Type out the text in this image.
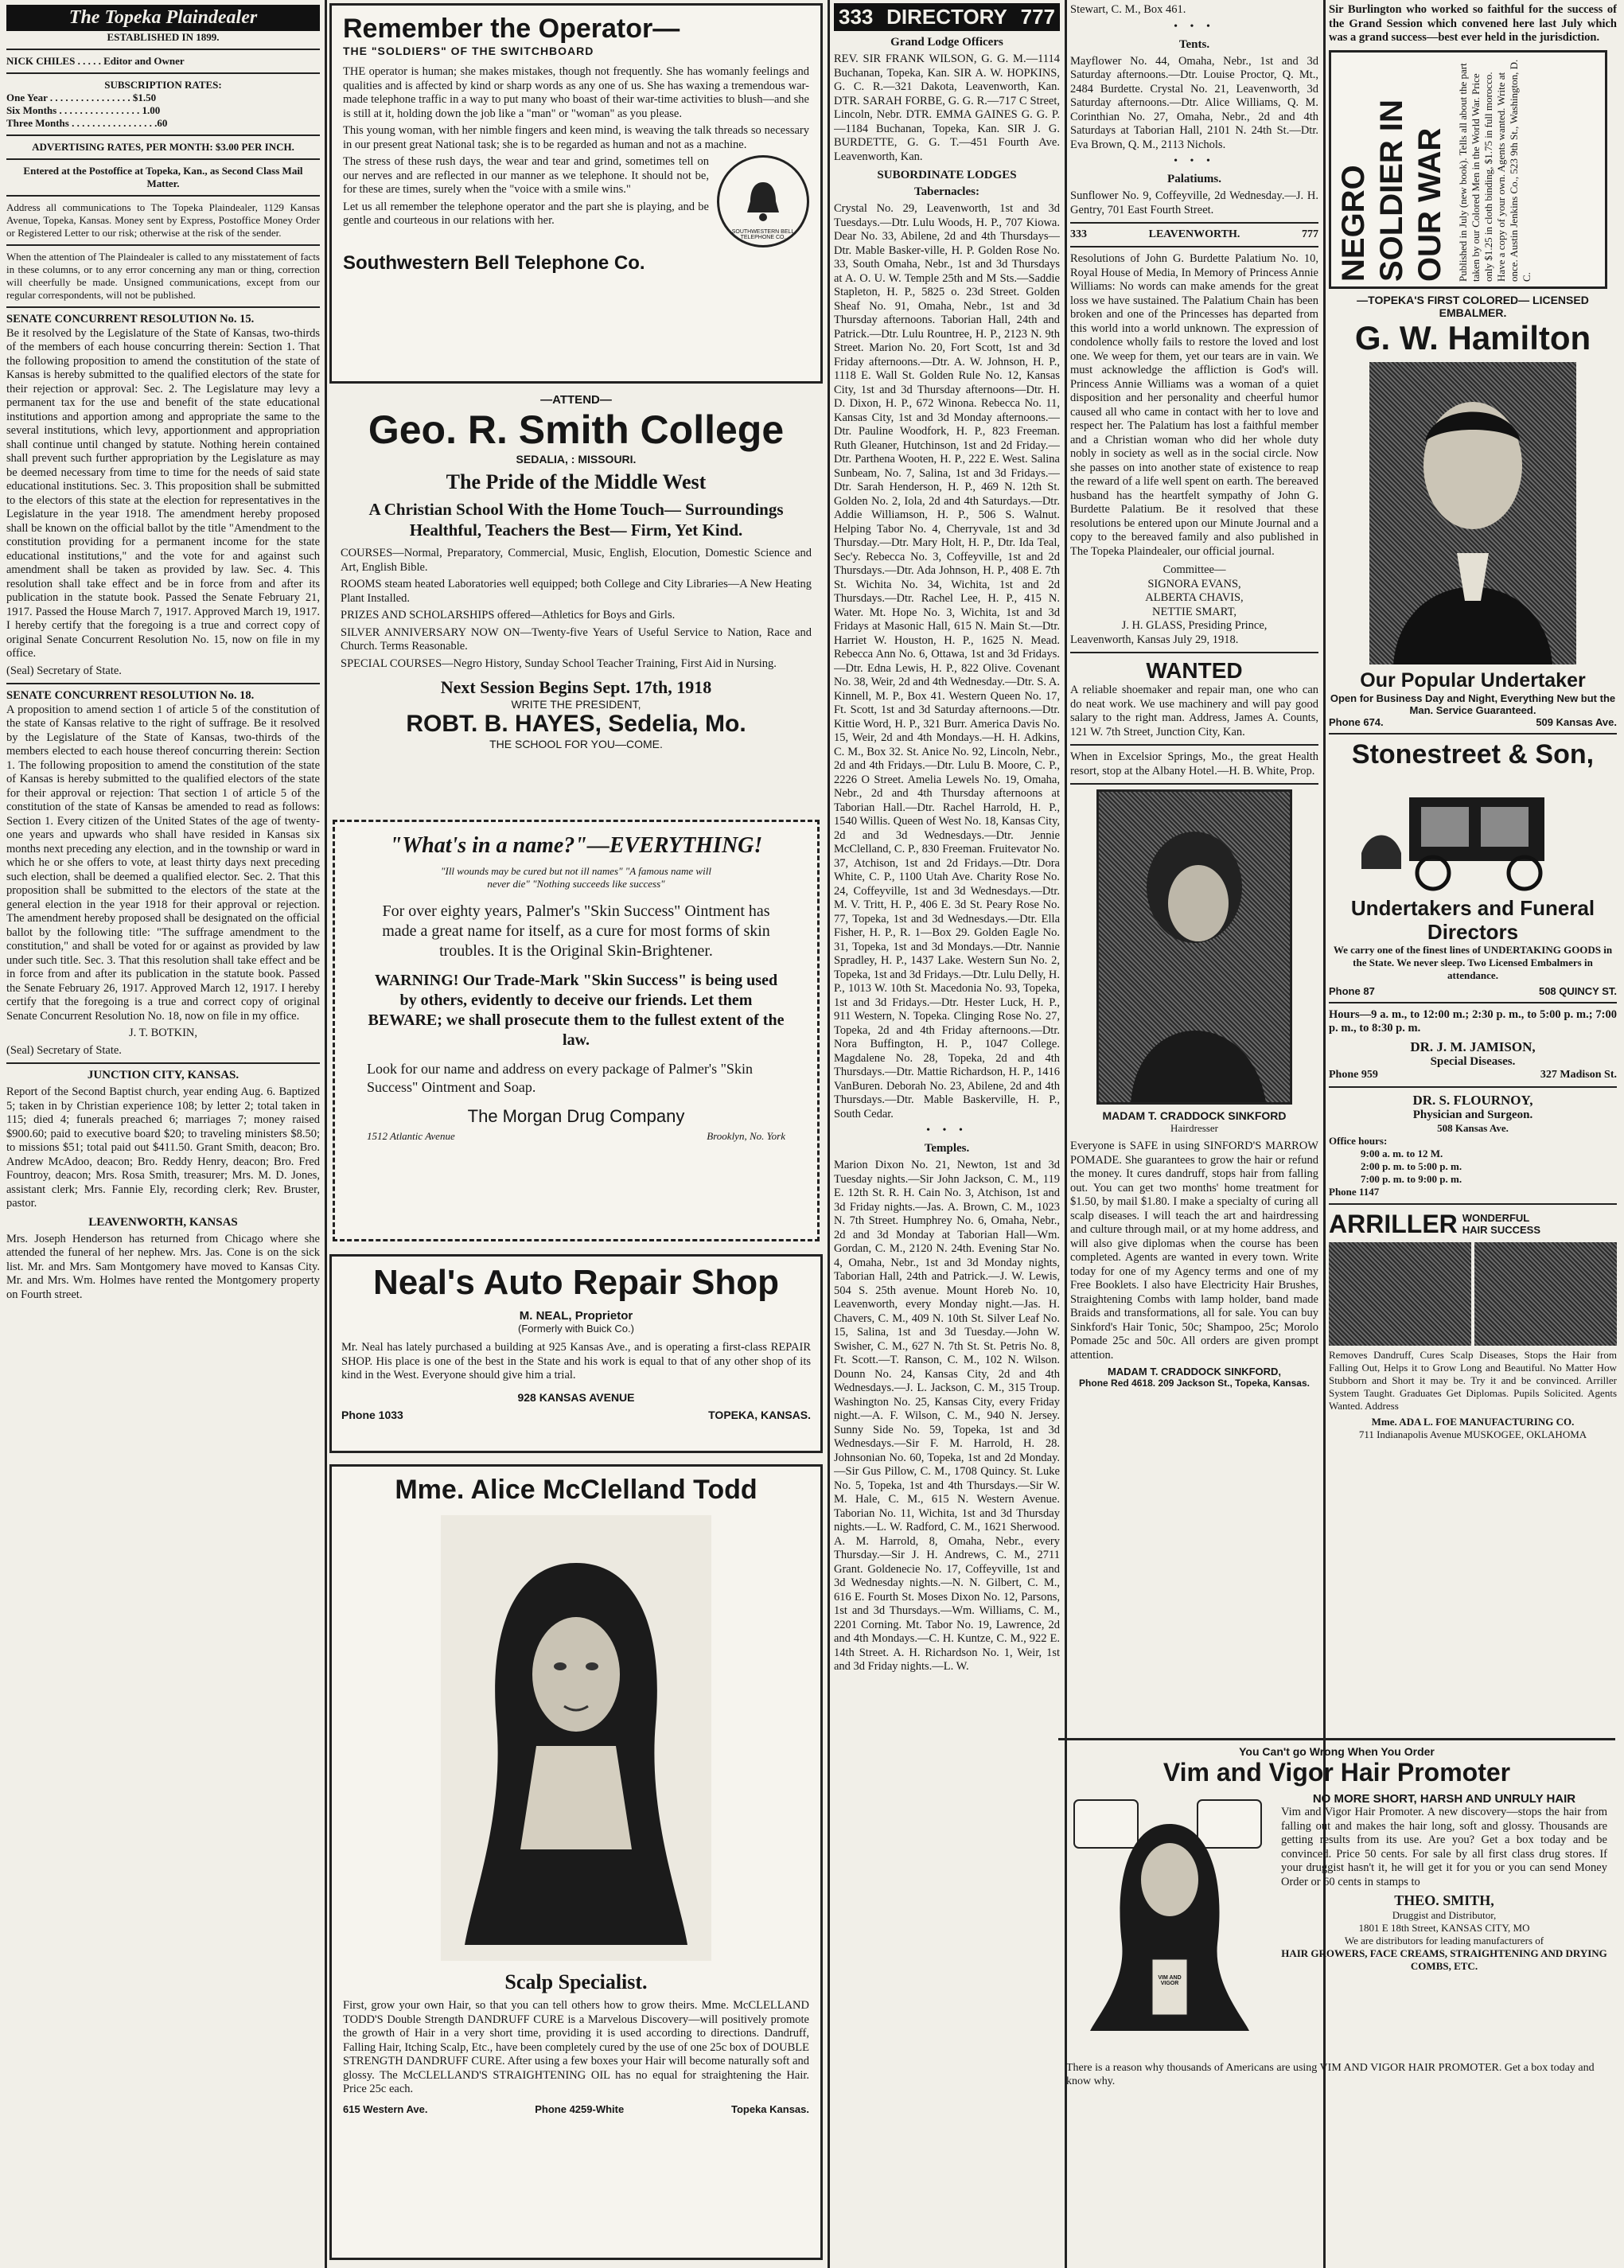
The Topeka Plaindealer
ESTABLISHED IN 1899.
NICK CHILES . . . . . Editor and Owner
SUBSCRIPTION RATES:
One Year . . . . . . . . . . . . . . . . $1.50
Six Months . . . . . . . . . . . . . . . . 1.00
Three Months . . . . . . . . . . . . . . . . .60
ADVERTISING RATES, PER MONTH: $3.00 PER INCH.

Entered at the Postoffice at Topeka, Kan., as Second Class Mail Matter.

Address all communications to The Topeka Plaindealer, 1129 Kansas Avenue, Topeka, Kansas. Money sent by Express, Postoffice Money Order or Registered Letter to our risk; otherwise at the risk of the sender.

When the attention of The Plaindealer is called to any misstatement of facts in these columns, or to any error concerning any man or thing, correction will cheerfully be made. Unsigned communications, except from our regular correspondents, will not be published.

SENATE CONCURRENT RESOLUTION No. 15.

Be it resolved by the Legislature of the State of Kansas, two-thirds of the members of each house concurring therein: Section 1. That the following proposition to amend the constitution of the state of Kansas is hereby submitted to the qualified electors of the state for their rejection or approval: Sec. 2. The Legislature may levy a permanent tax for the use and benefit of the state educational institutions and apportion among and appropriate the same to the several institutions, which levy, apportionment and appropriation shall continue until changed by statute. Nothing herein contained shall prevent such further appropriation by the Legislature as may be deemed necessary from time to time for the needs of said state educational institutions. Sec. 3. This proposition shall be submitted to the electors of this state at the election for representatives in the Legislature in the year 1918. The amendment hereby proposed shall be known on the official ballot by the title "Amendment to the constitution providing for a permanent income for the state educational institutions," and the vote for and against such amendment shall be taken as provided by law. Sec. 4. This resolution shall take effect and be in force from and after its publication in the statute book. Passed the Senate February 21, 1917. Passed the House March 7, 1917. Approved March 19, 1917. I hereby certify that the foregoing is a true and correct copy of original Senate Concurrent Resolution No. 15, now on file in my office.

(Seal) Secretary of State.

SENATE CONCURRENT RESOLUTION No. 18.

A proposition to amend section 1 of article 5 of the constitution of the state of Kansas relative to the right of suffrage. Be it resolved by the Legislature of the State of Kansas, two-thirds of the members elected to each house thereof concurring therein: Section 1. The following proposition to amend the constitution of the state of Kansas is hereby submitted to the qualified electors of the state for their approval or rejection: That section 1 of article 5 of the constitution of the state of Kansas be amended to read as follows: Section 1. Every citizen of the United States of the age of twenty-one years and upwards who shall have resided in Kansas six months next preceding any election, and in the township or ward in which he or she offers to vote, at least thirty days next preceding such election, shall be deemed a qualified elector. Sec. 2. That this proposition shall be submitted to the electors of the state at the general election in the year 1918 for their approval or rejection. The amendment hereby proposed shall be designated on the official ballot by the following title: "The suffrage amendment to the constitution," and shall be voted for or against as provided by law under such title. Sec. 3. That this resolution shall take effect and be in force from and after its publication in the statute book. Passed the Senate February 26, 1917. Approved March 12, 1917. I hereby certify that the foregoing is a true and correct copy of original Senate Concurrent Resolution No. 18, now on file in my office.

J. T. BOTKIN,

(Seal) Secretary of State.

JUNCTION CITY, KANSAS.

Report of the Second Baptist church, year ending Aug. 6. Baptized 5; taken in by Christian experience 108; by letter 2; total taken in 115; died 4; funerals preached 6; marriages 7; money raised $900.60; paid to executive board $20; to traveling ministers $8.50; to missions $51; total paid out $411.50. Grant Smith, deacon; Bro. Andrew McAdoo, deacon; Bro. Reddy Henry, deacon; Bro. Fred Fountroy, deacon; Mrs. Rosa Smith, treasurer; Mrs. M. D. Jones, assistant clerk; Mrs. Fannie Ely, recording clerk; Rev. Bruster, pastor.

LEAVENWORTH, KANSAS

Mrs. Joseph Henderson has returned from Chicago where she attended the funeral of her nephew. Mrs. Jas. Cone is on the sick list. Mr. and Mrs. Sam Montgomery have moved to Kansas City. Mr. and Mrs. Wm. Holmes have rented the Montgomery property on Fourth street.

Remember the Operator—
THE "SOLDIERS" OF THE SWITCHBOARD

THE operator is human; she makes mistakes, though not frequently. She has womanly feelings and qualities and is affected by kind or sharp words as any one of us. She has waxing a tremendous war-made telephone traffic in a way to put many who boast of their war-time activities to blush—and she is still at it, holding down the job like a "man" or "woman" as you please.

This young woman, with her nimble fingers and keen mind, is weaving the talk threads so necessary in our present great National task; she is to be regarded as human and not as a machine.

The stress of these rush days, the wear and tear and grind, sometimes tell on our nerves and are reflected in our manner as we telephone. It should not be, for these are times, surely when the "voice with a smile wins."

Let us all remember the telephone operator and the part she is playing, and be gentle and courteous in our relations with her.

SOUTHWESTERN BELL TELEPHONE CO.
Southwestern Bell Telephone Co.
—ATTEND—
Geo. R. Smith College
SEDALIA, : MISSOURI.
The Pride of the Middle West
A Christian School With the Home Touch— Surroundings Healthful, Teachers the Best— Firm, Yet Kind.

COURSES—Normal, Preparatory, Commercial, Music, English, Elocution, Domestic Science and Art, English Bible.

ROOMS steam heated Laboratories well equipped; both College and City Libraries—A New Heating Plant Installed.

PRIZES AND SCHOLARSHIPS offered—Athletics for Boys and Girls.

SILVER ANNIVERSARY NOW ON—Twenty-five Years of Useful Service to Nation, Race and Church. Terms Reasonable.

SPECIAL COURSES—Negro History, Sunday School Teacher Training, First Aid in Nursing.

Next Session Begins Sept. 17th, 1918
WRITE THE PRESIDENT,
ROBT. B. HAYES, Sedelia, Mo.
THE SCHOOL FOR YOU—COME.
"What's in a name?"—EVERYTHING!
"Ill wounds may be cured but not ill names" "A famous name will never die" "Nothing succeeds like success"

For over eighty years, Palmer's "Skin Success" Ointment has made a great name for itself, as a cure for most forms of skin troubles. It is the Original Skin-Brightener.

WARNING! Our Trade-Mark "Skin Success" is being used by others, evidently to deceive our friends. Let them BEWARE; we shall prosecute them to the fullest extent of the law.

Look for our name and address on every package of Palmer's "Skin Success" Ointment and Soap.

The Morgan Drug Company
1512 Atlantic Avenue	Brooklyn, No. York
Neal's Auto Repair Shop
M. NEAL, Proprietor
(Formerly with Buick Co.)

Mr. Neal has lately purchased a building at 925 Kansas Ave., and is operating a first-class REPAIR SHOP. His place is one of the best in the State and his work is equal to that of any other shop of its kind in the West. Everyone should give him a trial.

928 KANSAS AVENUE
Phone 1033	TOPEKA, KANSAS.
Mme. Alice McClelland Todd
Scalp Specialist.

First, grow your own Hair, so that you can tell others how to grow theirs. Mme. McCLELLAND TODD'S Double Strength DANDRUFF CURE is a Marvelous Discovery—will positively promote the growth of Hair in a very short time, providing it is used according to directions. Dandruff, Falling Hair, Itching Scalp, Etc., have been completely cured by the use of one 25c box of DOUBLE STRENGTH DANDRUFF CURE. After using a few boxes your Hair will become naturally soft and glossy. The McCLELLAND'S STRAIGHTENING OIL has no equal for straightening the Hair. Price 25c each.

615 Western Ave.	Phone 4259-White	Topeka Kansas.
333 DIRECTORY 777
Grand Lodge Officers

REV. SIR FRANK WILSON, G. G. M.—1114 Buchanan, Topeka, Kan. SIR A. W. HOPKINS, G. C. R.—321 Dakota, Leavenworth, Kan. DTR. SARAH FORBE, G. G. R.—717 C Street, Lincoln, Nebr. DTR. EMMA GAINES G. G. P.—1184 Buchanan, Topeka, Kan. SIR J. G. BURDETTE, G. G. T.—451 Fourth Ave. Leavenworth, Kan.

SUBORDINATE LODGES
Tabernacles:

Crystal No. 29, Leavenworth, 1st and 3d Tuesdays.—Dtr. Lulu Woods, H. P., 707 Kiowa. Dear No. 33, Abilene, 2d and 4th Thursdays—Dtr. Mable Basker-ville, H. P. Golden Rose No. 33, South Omaha, Nebr., 1st and 3d Thursdays at A. O. U. W. Temple 25th and M Sts.—Saddie Stapleton, H. P., 5825 o. 23d Street. Golden Sheaf No. 91, Omaha, Nebr., 1st and 3d Thursday afternoons. Taborian Hall, 24th and Patrick.—Dtr. Lulu Rountree, H. P., 2123 N. 9th Street. Marion No. 20, Fort Scott, 1st and 3d Friday afternoons.—Dtr. A. W. Johnson, H. P., 1118 E. Wall St. Golden Rule No. 12, Kansas City, 1st and 3d Thursday afternoons—Dtr. H. D. Dixon, H. P., 672 Winona. Rebecca No. 11, Kansas City, 1st and 3d Monday afternoons.—Dtr. Pauline Woodfork, H. P., 823 Freeman. Ruth Gleaner, Hutchinson, 1st and 2d Friday.—Dtr. Parthena Wooten, H. P., 222 E. West. Salina Sunbeam, No. 7, Salina, 1st and 3d Fridays.—Dtr. Sarah Henderson, H. P., 469 N. 12th St. Golden No. 2, Iola, 2d and 4th Saturdays.—Dtr. Addie Williamson, H. P., 506 S. Walnut. Helping Tabor No. 4, Cherryvale, 1st and 3d Thursday.—Dtr. Mary Holt, H. P., Dtr. Ida Teal, Sec'y. Rebecca No. 3, Coffeyville, 1st and 2d Thursdays.—Dtr. Ada Johnson, H. P., 408 E. 7th St. Wichita No. 34, Wichita, 1st and 2d Thursdays.—Dtr. Rachel Lee, H. P., 415 N. Water. Mt. Hope No. 3, Wichita, 1st and 3d Fridays at Masonic Hall, 615 N. Main St.—Dtr. Harriet W. Houston, H. P., 1625 N. Mead. Rebecca Ann No. 6, Ottawa, 1st and 3d Fridays.—Dtr. Edna Lewis, H. P., 822 Olive. Covenant No. 38, Weir, 2d and 4th Wednesday.—Dtr. S. A. Kinnell, M. P., Box 41. Western Queen No. 17, Ft. Scott, 1st and 3d Saturday afternoons.—Dtr. Kittie Word, H. P., 321 Burr. America Davis No. 15, Weir, 2d and 4th Mondays.—H. H. Adkins, C. M., Box 32. St. Anice No. 92, Lincoln, Nebr., 2d and 4th Fridays.—Dtr. Lulu B. Moore, C. P., 2226 O Street. Amelia Lewels No. 19, Omaha, Nebr., 2d and 4th Thursday afternoons at Taborian Hall.—Dtr. Rachel Harrold, H. P., 1540 Willis. Queen of West No. 18, Kansas City, 2d and 3d Wednesdays.—Dtr. Jennie McClelland, C. P., 830 Freeman. Fruitevator No. 37, Atchison, 1st and 2d Fridays.—Dtr. Dora White, C. P., 1100 Utah Ave. Charity Rose No. 24, Coffeyville, 1st and 3d Wednesdays.—Dtr. M. V. Tritt, H. P., 406 E. 3d St. Peary Rose No. 77, Topeka, 1st and 3d Wednesdays.—Dtr. Ella Fisher, H. P., R. 1—Box 29. Golden Eagle No. 31, Topeka, 1st and 3d Mondays.—Dtr. Nannie Spradley, H. P., 1437 Lake. Western Sun No. 2, Topeka, 1st and 3d Fridays.—Dtr. Lulu Delly, H. P., 1013 W. 10th St. Macedonia No. 93, Topeka, 1st and 3d Fridays.—Dtr. Hester Luck, H. P., 911 Western, N. Topeka. Clinging Rose No. 27, Topeka, 2d and 4th Friday afternoons.—Dtr. Nora Buffington, H. P., 1047 College. Magdalene No. 28, Topeka, 2d and 4th Thursdays.—Dtr. Mattie Richardson, H. P., 1416 VanBuren. Deborah No. 23, Abilene, 2d and 4th Thursdays.—Dtr. Mable Baskerville, H. P., South Cedar.

• • •
Temples.

Marion Dixon No. 21, Newton, 1st and 3d Tuesday nights.—Sir John Jackson, C. M., 119 E. 12th St. R. H. Cain No. 3, Atchison, 1st and 3d Friday nights.—Jas. A. Brown, C. M., 1023 N. 7th Street. Humphrey No. 6, Omaha, Nebr., 2d and 3d Monday at Taborian Hall—Wm. Gordan, C. M., 2120 N. 24th. Evening Star No. 4, Omaha, Nebr., 1st and 3d Monday nights, Taborian Hall, 24th and Patrick.—J. W. Lewis, 504 S. 25th avenue. Mount Horeb No. 10, Leavenworth, every Monday night.—Jas. H. Chavers, C. M., 409 N. 10th St. Silver Leaf No. 15, Salina, 1st and 3d Tuesday.—John W. Swisher, C. M., 627 N. 7th St. St. Petris No. 8, Ft. Scott.—T. Ranson, C. M., 102 N. Wilson. Dounn No. 24, Kansas City, 2d and 4th Wednesdays.—J. L. Jackson, C. M., 315 Troup. Washington No. 25, Kansas City, every Friday night.—A. F. Wilson, C. M., 940 N. Jersey. Sunny Side No. 59, Topeka, 1st and 3d Wednesdays.—Sir F. M. Harrold, H. 28. Johnsonian No. 60, Topeka, 1st and 2d Monday.—Sir Gus Pillow, C. M., 1708 Quincy. St. Luke No. 5, Topeka, 1st and 4th Thursdays.—Sir W. M. Hale, C. M., 615 N. Western Avenue. Taborian No. 11, Wichita, 1st and 3d Thursday nights.—L. W. Radford, C. M., 1621 Sherwood. A. M. Harrold, 8, Omaha, Nebr., every Thursday.—Sir J. H. Andrews, C. M., 2711 Grant. Goldenecie No. 17, Coffeyville, 1st and 3d Wednesday nights.—N. N. Gilbert, C. M., 616 E. Fourth St. Moses Dixon No. 12, Parsons, 1st and 3d Thursdays.—Wm. Williams, C. M., 2201 Corning. Mt. Tabor No. 19, Lawrence, 2d and 4th Mondays.—C. H. Kuntze, C. M., 922 E. 14th Street. A. H. Richardson No. 1, Weir, 1st and 3d Friday nights.—L. W.

Stewart, C. M., Box 461.

• • •
Tents.

Mayflower No. 44, Omaha, Nebr., 1st and 3d Saturday afternoons.—Dtr. Louise Proctor, Q. Mt., 2484 Burdette. Crystal No. 21, Leavenworth, 3d Saturday afternoons.—Dtr. Alice Williams, Q. M. Corinthian No. 27, Omaha, Nebr., 2d and 4th Saturdays at Taborian Hall, 2101 N. 24th St.—Dtr. Eva Brown, Q. M., 2113 Nichols.

• • •
Palatiums.

Sunflower No. 9, Coffeyville, 2d Wednesday.—J. H. Gentry, 701 East Fourth Street.

333	LEAVENWORTH.	777

Resolutions of John G. Burdette Palatium No. 10, Royal House of Media, In Memory of Princess Annie Williams: No words can make amends for the great loss we have sustained. The Palatium Chain has been broken and one of the Princesses has departed from this world into a world unknown. The expression of condolence wholly fails to restore the loved and lost one. We weep for them, yet our tears are in vain. We must acknowledge the affliction is God's will. Princess Annie Williams was a woman of a quiet disposition and her personality and cheerful humor caused all who came in contact with her to love and respect her. The Palatium has lost a faithful member and a Christian woman who did her whole duty nobly in society as well as in the social circle. Now she passes on into another state of existence to reap the reward of a life well spent on earth. The bereaved husband has the heartfelt sympathy of John G. Burdette Palatium. Be it resolved that these resolutions be entered upon our Minute Journal and a copy to the bereaved family and also published in The Topeka Plaindealer, our official journal.

Committee—
SIGNORA EVANS,
ALBERTA CHAVIS,
NETTIE SMART,
J. H. GLASS, Presiding Prince,
Leavenworth, Kansas July 29, 1918.
WANTED

A reliable shoemaker and repair man, one who can do neat work. We use machinery and will pay good salary to the right man. Address, James A. Counts, 121 W. 7th Street, Junction City, Kan.

When in Excelsior Springs, Mo., the great Health resort, stop at the Albany Hotel.—H. B. White, Prop.

MADAM T. CRADDOCK SINKFORD
Hairdresser

Everyone is SAFE in using SINFORD'S MARROW POMADE. She guarantees to grow the hair or refund the money. It cures dandruff, stops hair from falling out. You can get two months' home treatment for $1.50, by mail $1.80. I make a specialty of curing all scalp diseases. I will teach the art and hairdressing and culture through mail, or at my home address, and will also give diplomas when the course has been completed. Agents are wanted in every town. Write today for one of my Agency terms and one of my Free Booklets. I also have Electricity Hair Brushes, Straightening Combs with lamp holder, band made Braids and transformations, all for sale. You can buy Sinkford's Hair Tonic, 50c; Shampoo, 25c; Morolo Pomade 25c and 50c. All orders are given prompt attention.

MADAM T. CRADDOCK SINKFORD,
Phone Red 4618. 209 Jackson St., Topeka, Kansas.

Sir Burlington who worked so faithful for the success of the Grand Session which convened here last July which was a grand success—best ever held in the jurisdiction.

NEGRO SOLDIER IN OUR WAR Published in July (new book). Tells all about the part taken by our Colored Men in the World War. Price only $1.25 in cloth binding, $1.75 in full morocco. Have a copy of your own. Agents wanted. Write at once. Austin Jenkins Co., 523 9th St., Washington, D. C.
—TOPEKA'S FIRST COLORED— LICENSED EMBALMER.
G. W. Hamilton
Our Popular Undertaker
Open for Business Day and Night, Everything New but the Man. Service Guaranteed.
Phone 674.	509 Kansas Ave.
Stonestreet & Son,
Undertakers and Funeral Directors

We carry one of the finest lines of UNDERTAKING GOODS in the State. We never sleep. Two Licensed Embalmers in attendance.

Phone 87	508 QUINCY ST.

Hours—9 a. m., to 12:00 m.; 2:30 p. m., to 5:00 p. m.; 7:00 p. m., to 8:30 p. m.

DR. J. M. JAMISON,
Special Diseases.
Phone 959	327 Madison St.
DR. S. FLOURNOY,
Physician and Surgeon.
508 Kansas Ave.
Office hours:
9:00 a. m. to 12 M.
2:00 p. m. to 5:00 p. m.
7:00 p. m. to 9:00 p. m.
Phone 1147
ARRILLER WONDERFUL HAIR SUCCESS

Removes Dandruff, Cures Scalp Diseases, Stops the Hair from Falling Out, Helps it to Grow Long and Beautiful. No Matter How Stubborn and Short it may be. Try it and be convinced. Arriller System Taught. Graduates Get Diplomas. Pupils Solicited. Agents Wanted. Address

Mme. ADA L. FOE MANUFACTURING CO.
711 Indianapolis Avenue MUSKOGEE, OKLAHOMA
You Can't go Wrong When You Order
Vim and Vigor Hair Promoter
VIM AND VIGOR
NO MORE SHORT, HARSH AND UNRULY HAIR

Vim and Vigor Hair Promoter. A new discovery—stops the hair from falling out and makes the hair long, soft and glossy. Thousands are getting results from its use. Are you? Get a box today and be convinced. Price 50 cents. For sale by all first class drug stores. If your druggist hasn't it, he will get it for you or you can send Money Order or 60 cents in stamps to

THEO. SMITH,
Druggist and Distributor,
1801 E 18th Street, KANSAS CITY, MO
We are distributors for leading manufacturers of
HAIR GROWERS, FACE CREAMS, STRAIGHTENING AND DRYING COMBS, ETC.
There is a reason why thousands of Americans are using VIM AND VIGOR HAIR PROMOTER. Get a box today and know why.
